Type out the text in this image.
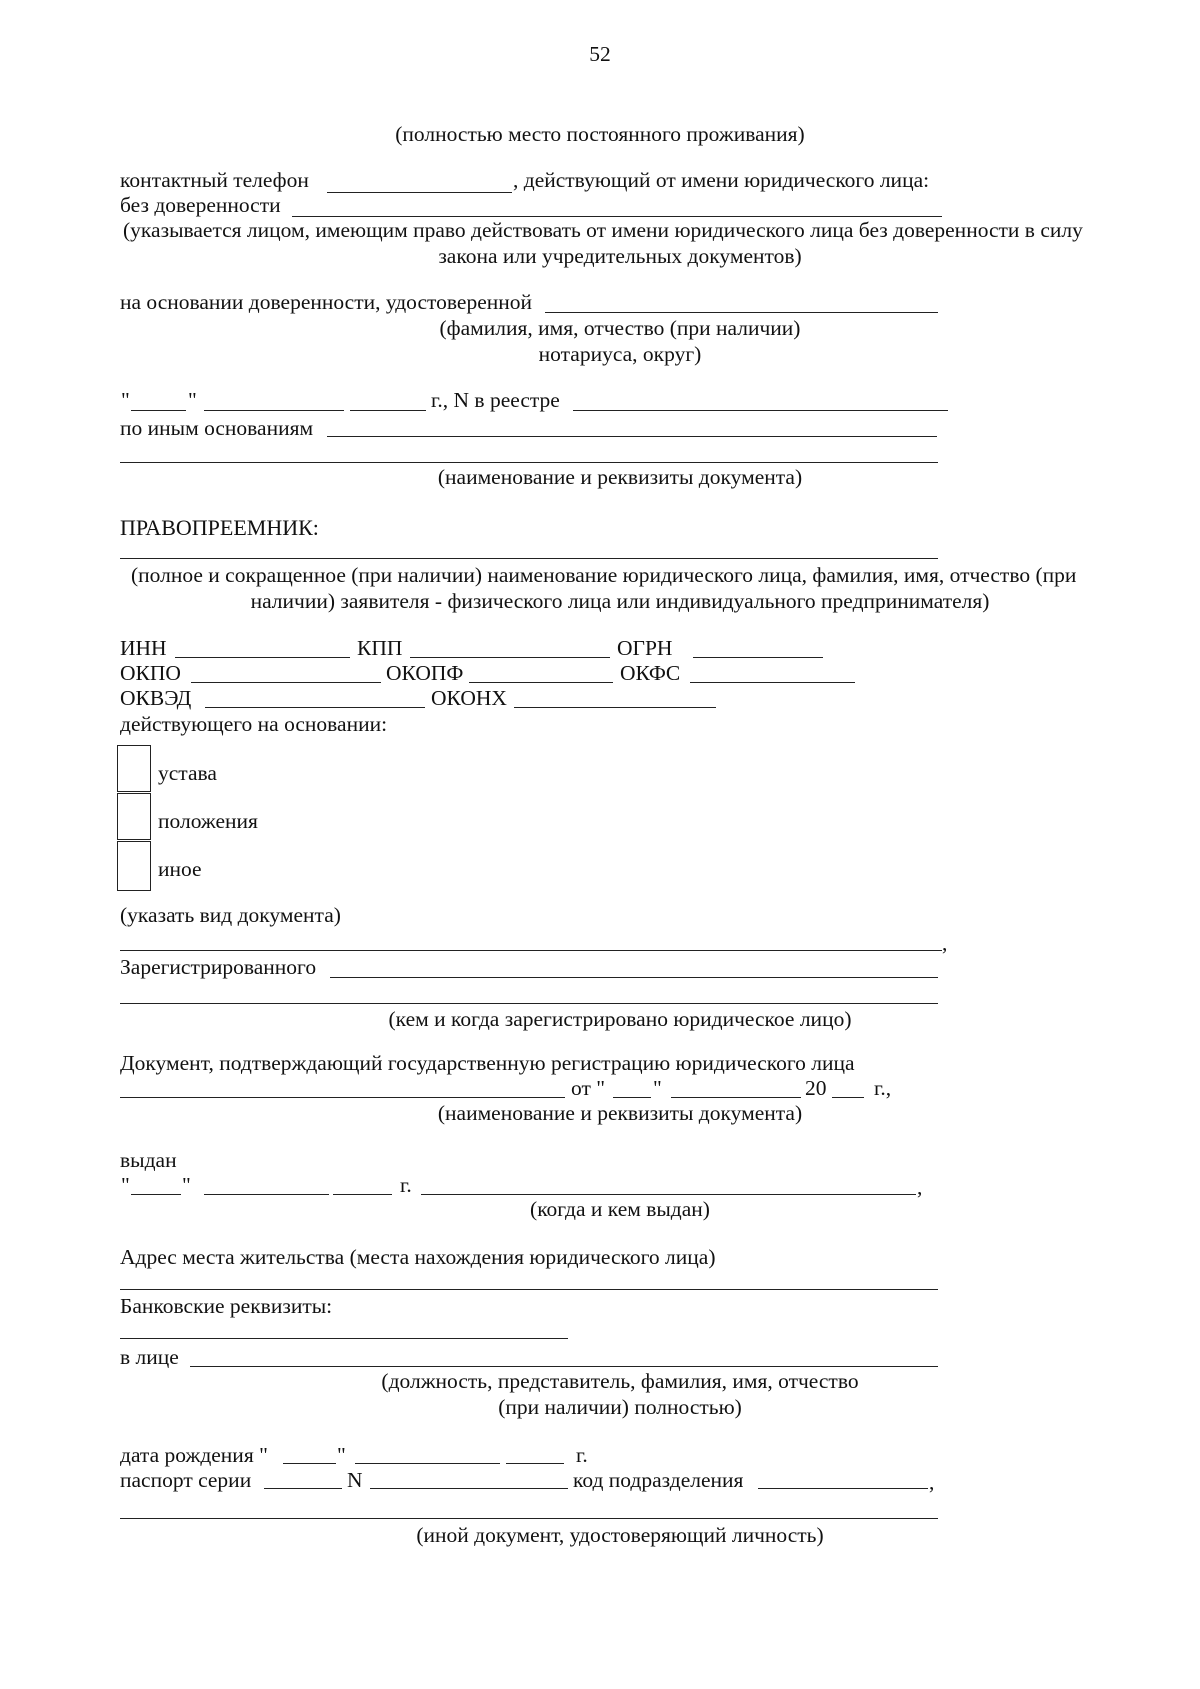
52
(полностью место постоянного проживания)
контактный телефон	, действующий от имени юридического лица:
без доверенности
(указывается лицом, имеющим право действовать от имени юридического лица без доверенности в силу
закона или учредительных документов)
на основании доверенности, удостоверенной
(фамилия, имя, отчество (при наличии)
нотариуса, округ)
"	"	г., N в реестре
по иным основаниям
(наименование и реквизиты документа)
ПРАВОПРЕЕМНИК:
(полное и сокращенное (при наличии) наименование юридического лица, фамилия, имя, отчество (при
наличии) заявителя - физического лица или индивидуального предпринимателя)
ИНН	КПП	ОГРН
ОКПО	ОКОПФ	ОКФС
ОКВЭД	ОКОНХ
действующего на основании:
устава
положения
иное
(указать вид документа)
,
Зарегистрированного
(кем и когда зарегистрировано юридическое лицо)
Документ, подтверждающий государственную регистрацию юридического лица
от " "	20 г.,
(наименование и реквизиты документа)
выдан
" "	г.	,
(когда и кем выдан)
Адрес места жительства (места нахождения юридического лица)
Банковские реквизиты:
в лице
(должность, представитель, фамилия, имя, отчество
(при наличии) полностью)
дата рождения "	"	г.
паспорт серии	N	код подразделения	,
(иной документ, удостоверяющий личность)
